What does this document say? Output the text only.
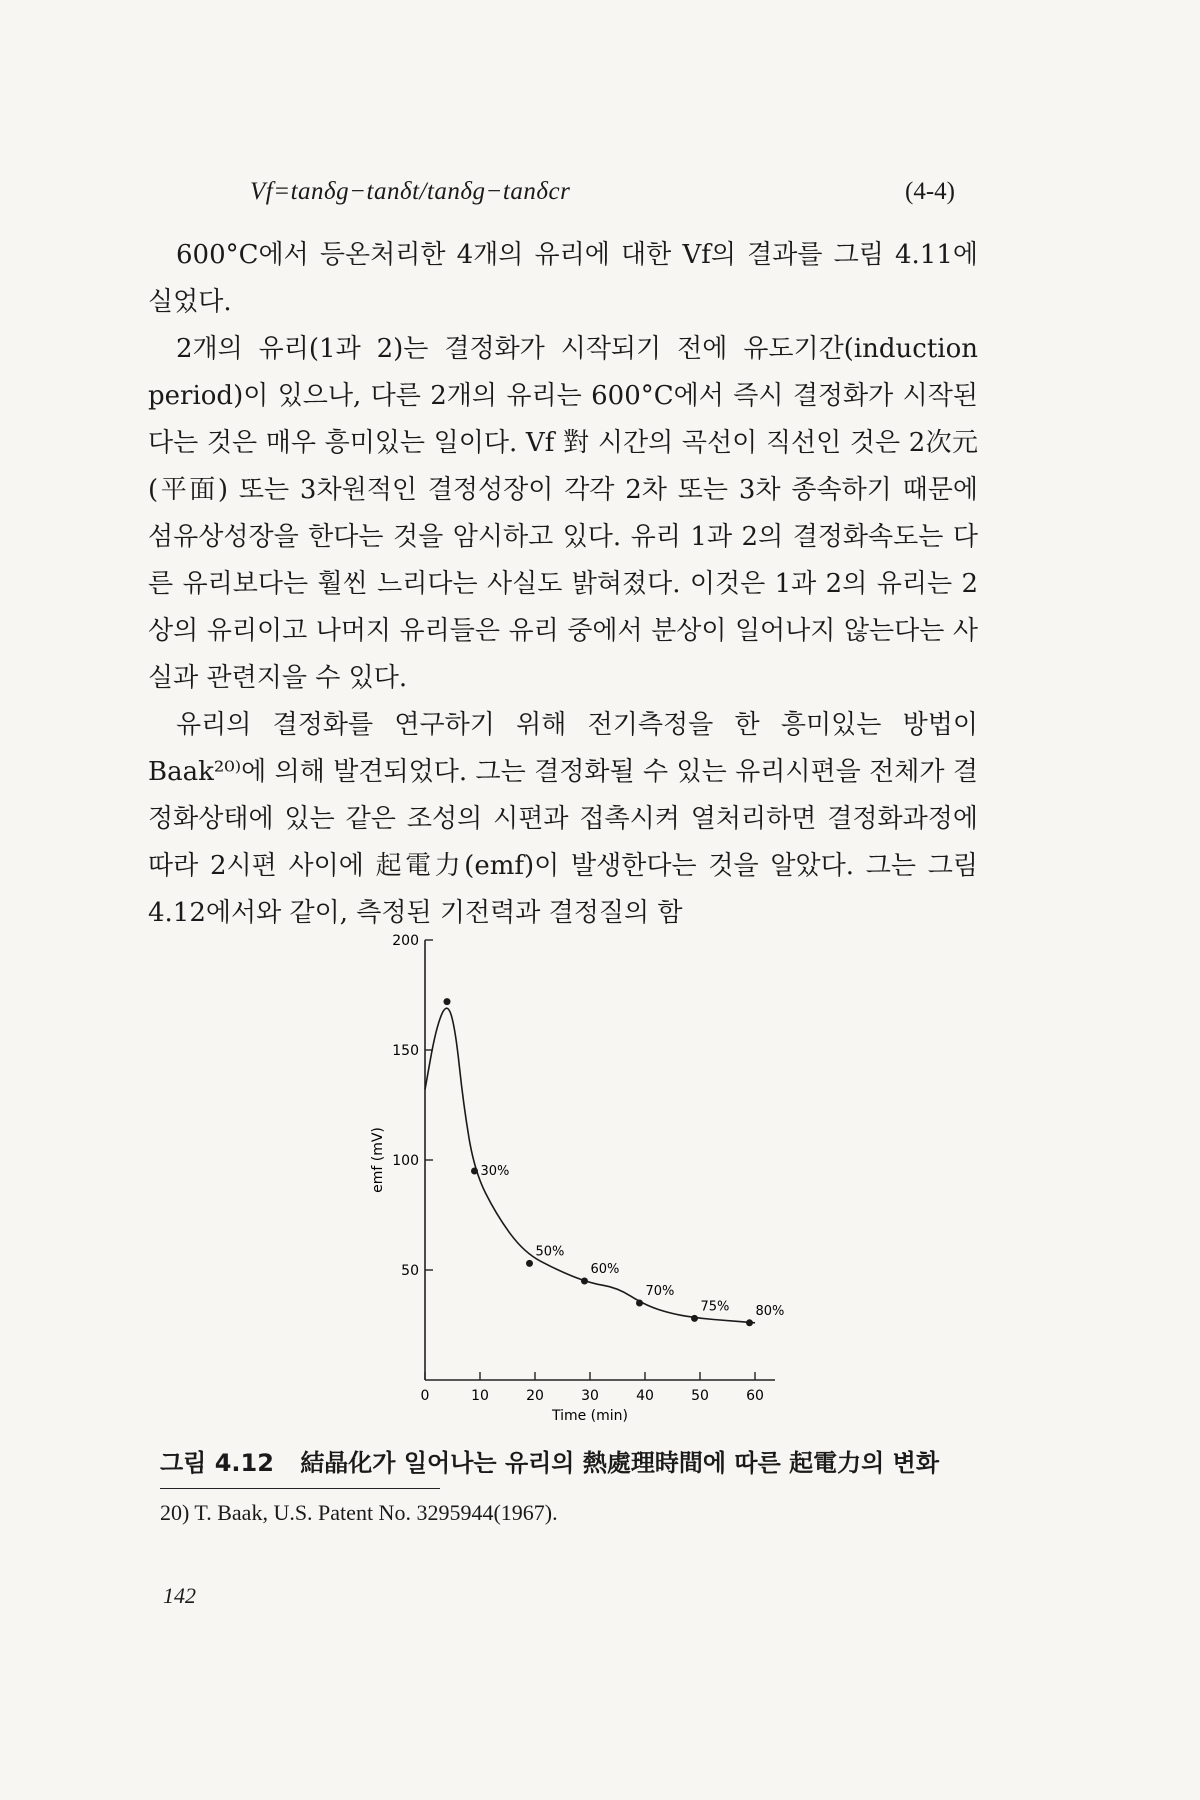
Vf=tanδg−tanδt/tanδg−tanδcr	(4-4)

600°C에서 등온처리한 4개의 유리에 대한 Vf의 결과를 그림 4.11에 실었다.

2개의 유리(1과 2)는 결정화가 시작되기 전에 유도기간(induction period)이 있으나, 다른 2개의 유리는 600°C에서 즉시 결정화가 시작된다는 것은 매우 흥미있는 일이다. Vf 對 시간의 곡선이 직선인 것은 2次元(平面) 또는 3차원적인 결정성장이 각각 2차 또는 3차 종속하기 때문에 섬유상성장을 한다는 것을 암시하고 있다. 유리 1과 2의 결정화속도는 다른 유리보다는 훨씬 느리다는 사실도 밝혀졌다. 이것은 1과 2의 유리는 2상의 유리이고 나머지 유리들은 유리 중에서 분상이 일어나지 않는다는 사실과 관련지을 수 있다.

유리의 결정화를 연구하기 위해 전기측정을 한 흥미있는 방법이 Baak²⁰⁾에 의해 발견되었다. 그는 결정화될 수 있는 유리시편을 전체가 결정화상태에 있는 같은 조성의 시편과 접촉시켜 열처리하면 결정화과정에 따라 2시편 사이에 起電力(emf)이 발생한다는 것을 알았다. 그는 그림 4.12에서와 같이, 측정된 기전력과 결정질의 함

50
100
150
200
0	10	20	30	40	50	60
Time (min)
emf (mV)	30%
50%
60%
70%
75% 80%
그림 4.12 結晶化가 일어나는 유리의 熱處理時間에 따른 起電力의 변화
20) T. Baak, U.S. Patent No. 3295944(1967).
142
